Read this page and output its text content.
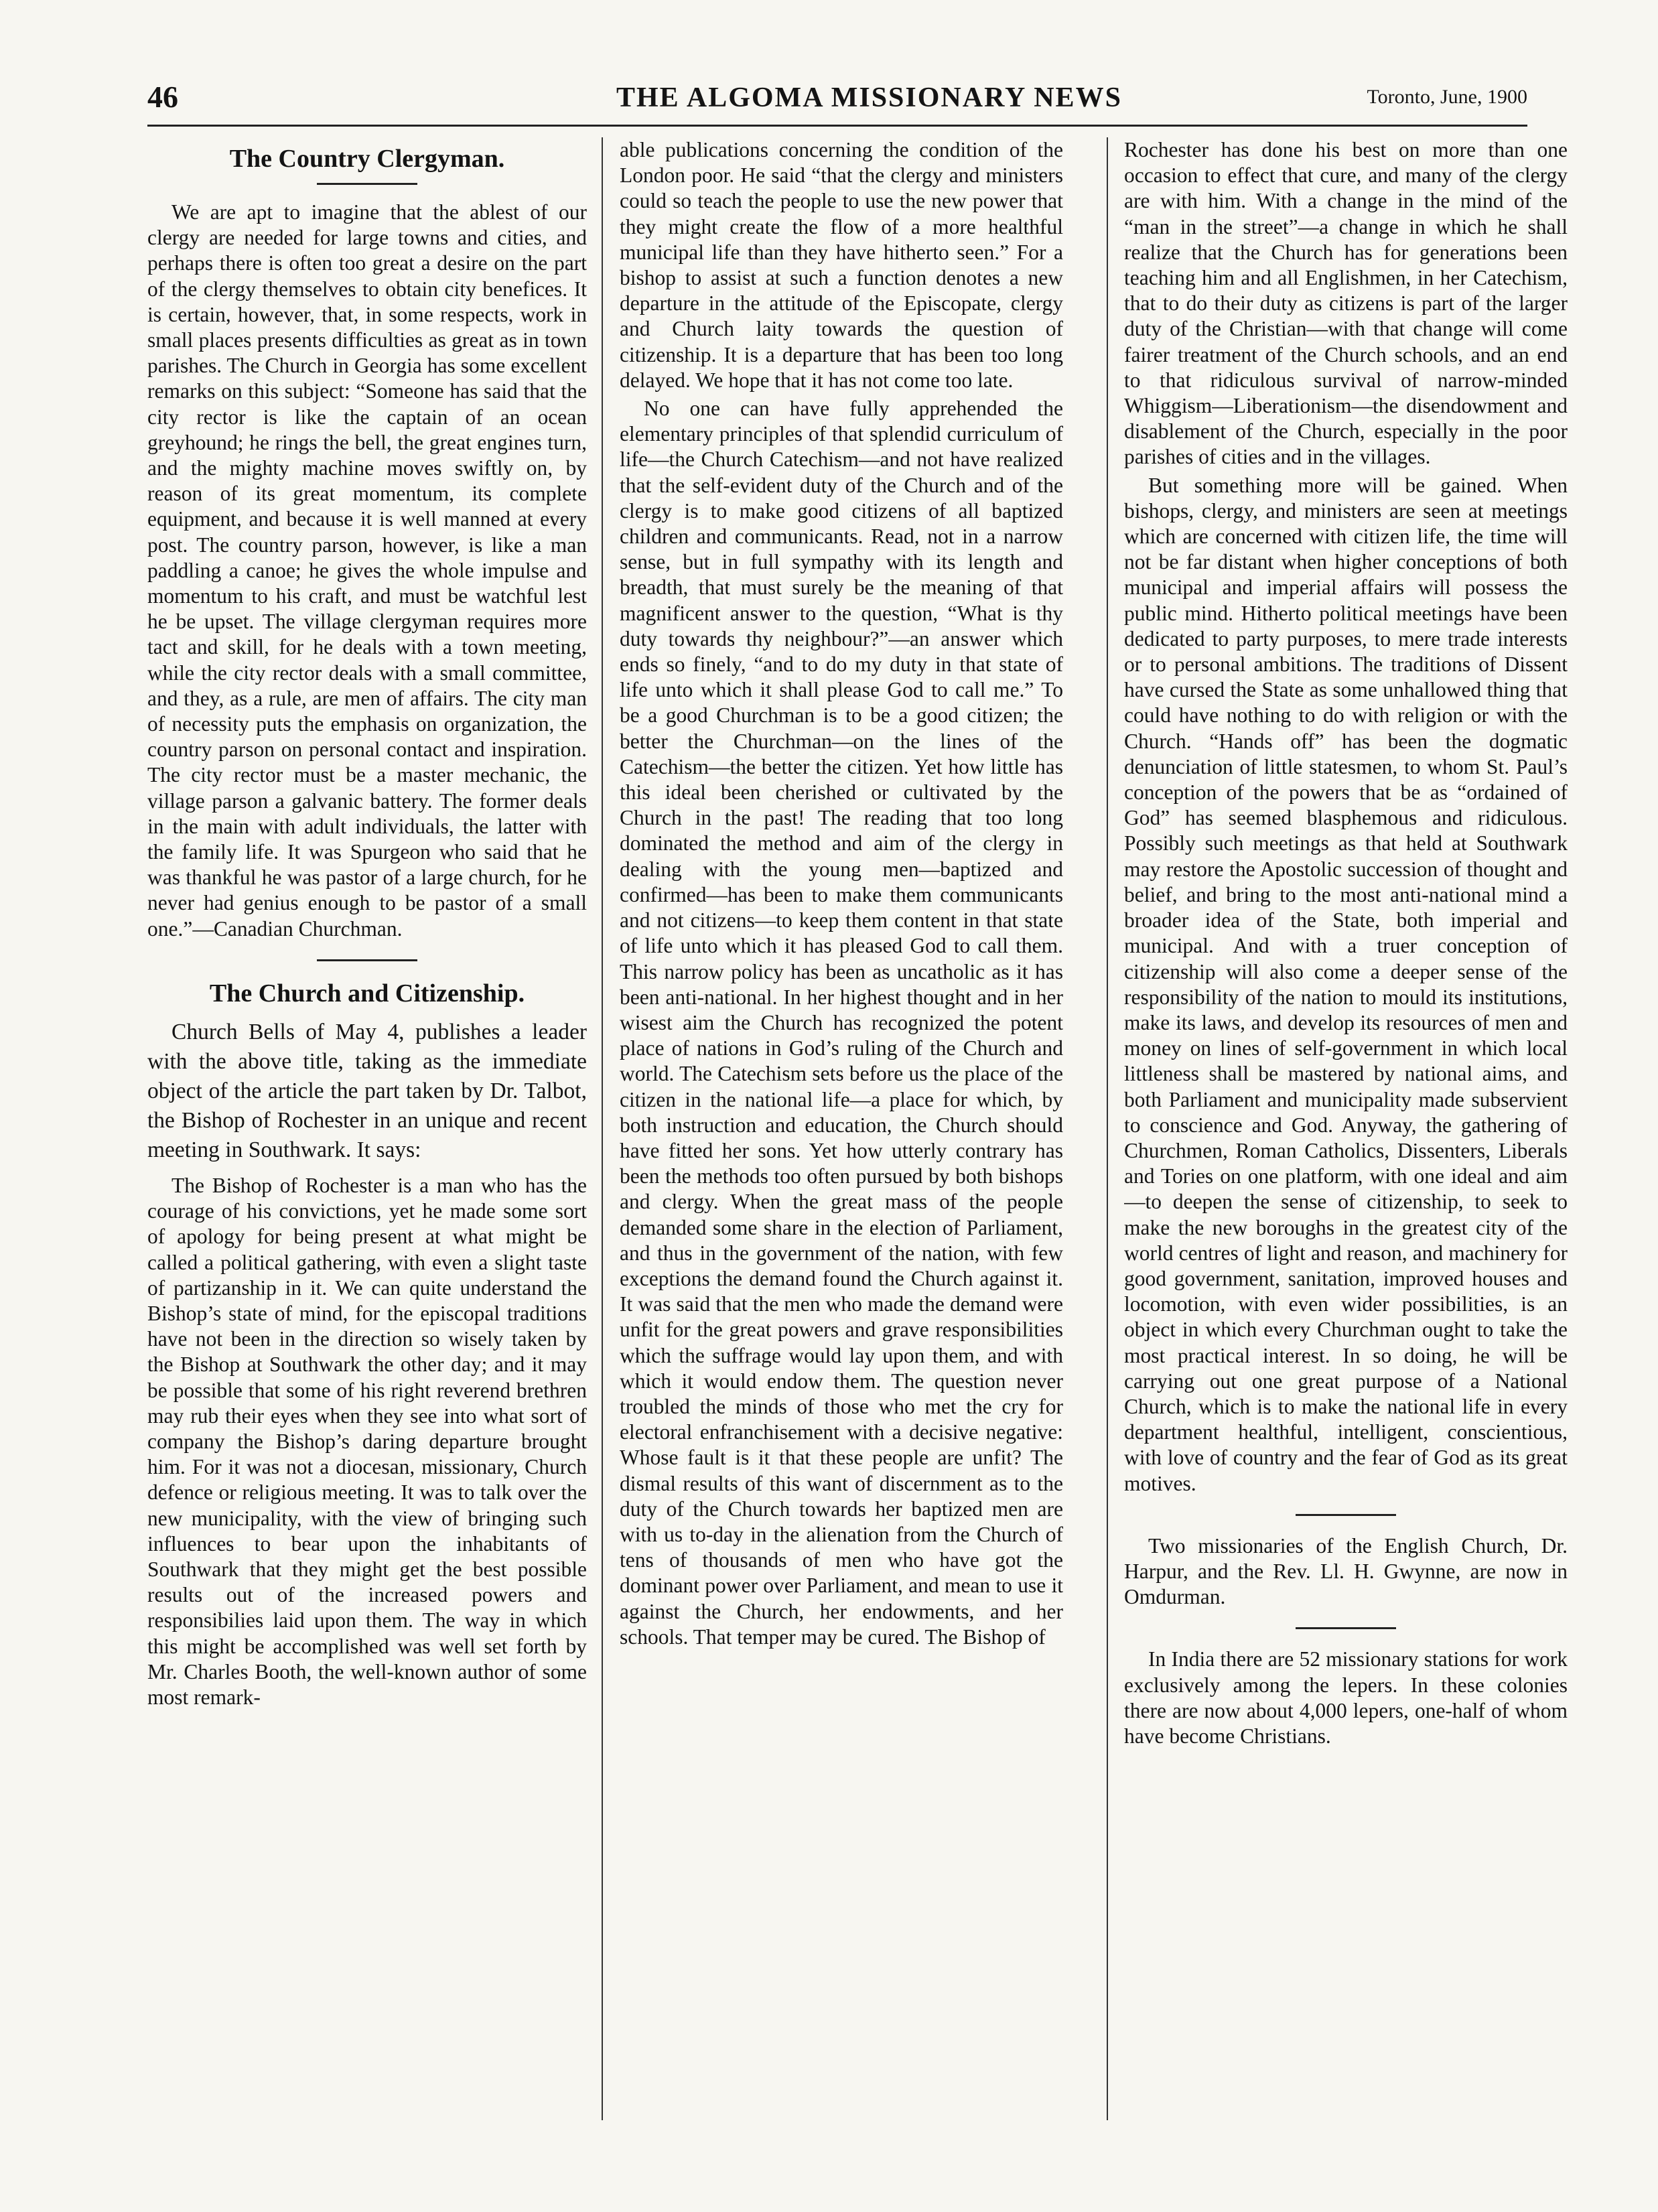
46	THE ALGOMA MISSIONARY NEWS	Toronto, June, 1900
The Country Clergyman.

We are apt to imagine that the ablest of our clergy are needed for large towns and cities, and perhaps there is often too great a desire on the part of the clergy themselves to obtain city benefices. It is certain, however, that, in some respects, work in small places presents difficulties as great as in town parishes. The Church in Georgia has some excellent remarks on this subject: “Someone has said that the city rector is like the captain of an ocean greyhound; he rings the bell, the great engines turn, and the mighty machine moves swiftly on, by reason of its great momentum, its complete equipment, and because it is well manned at every post. The country parson, however, is like a man paddling a canoe; he gives the whole impulse and momentum to his craft, and must be watchful lest he be upset. The village clergyman requires more tact and skill, for he deals with a town meeting, while the city rector deals with a small committee, and they, as a rule, are men of affairs. The city man of necessity puts the emphasis on organization, the country parson on personal contact and inspiration. The city rector must be a master mechanic, the village parson a galvanic battery. The former deals in the main with adult individuals, the latter with the family life. It was Spurgeon who said that he was thankful he was pastor of a large church, for he never had genius enough to be pastor of a small one.”—Canadian Churchman.

The Church and Citizenship.

Church Bells of May 4, publishes a leader with the above title, taking as the immediate object of the article the part taken by Dr. Talbot, the Bishop of Rochester in an unique and recent meeting in Southwark. It says:

The Bishop of Rochester is a man who has the courage of his convictions, yet he made some sort of apology for being present at what might be called a political gathering, with even a slight taste of partizanship in it. We can quite understand the Bishop’s state of mind, for the episcopal traditions have not been in the direction so wisely taken by the Bishop at Southwark the other day; and it may be possible that some of his right reverend brethren may rub their eyes when they see into what sort of company the Bishop’s daring departure brought him. For it was not a diocesan, missionary, Church defence or religious meeting. It was to talk over the new municipality, with the view of bringing such influences to bear upon the inhabitants of Southwark that they might get the best possible results out of the increased powers and responsibilies laid upon them. The way in which this might be accomplished was well set forth by Mr. Charles Booth, the well-known author of some most remark-

able publications concerning the condition of the London poor. He said “that the clergy and ministers could so teach the people to use the new power that they might create the flow of a more healthful municipal life than they have hitherto seen.” For a bishop to assist at such a function denotes a new departure in the attitude of the Episcopate, clergy and Church laity towards the question of citizenship. It is a departure that has been too long delayed. We hope that it has not come too late.

No one can have fully apprehended the elementary principles of that splendid curriculum of life—the Church Catechism—and not have realized that the self-evident duty of the Church and of the clergy is to make good citizens of all baptized children and communicants. Read, not in a narrow sense, but in full sympathy with its length and breadth, that must surely be the meaning of that magnificent answer to the question, “What is thy duty towards thy neighbour?”—an answer which ends so finely, “and to do my duty in that state of life unto which it shall please God to call me.” To be a good Churchman is to be a good citizen; the better the Churchman—on the lines of the Catechism—the better the citizen. Yet how little has this ideal been cherished or cultivated by the Church in the past! The reading that too long dominated the method and aim of the clergy in dealing with the young men—baptized and confirmed—has been to make them communicants and not citizens—to keep them content in that state of life unto which it has pleased God to call them. This narrow policy has been as uncatholic as it has been anti-national. In her highest thought and in her wisest aim the Church has recognized the potent place of nations in God’s ruling of the Church and world. The Catechism sets before us the place of the citizen in the national life—a place for which, by both instruction and education, the Church should have fitted her sons. Yet how utterly contrary has been the methods too often pursued by both bishops and clergy. When the great mass of the people demanded some share in the election of Parliament, and thus in the government of the nation, with few exceptions the demand found the Church against it. It was said that the men who made the demand were unfit for the great powers and grave responsibilities which the suffrage would lay upon them, and with which it would endow them. The question never troubled the minds of those who met the cry for electoral enfranchisement with a decisive negative: Whose fault is it that these people are unfit? The dismal results of this want of discernment as to the duty of the Church towards her baptized men are with us to-day in the alienation from the Church of tens of thousands of men who have got the dominant power over Parliament, and mean to use it against the Church, her endowments, and her schools. That temper may be cured. The Bishop of

Rochester has done his best on more than one occasion to effect that cure, and many of the clergy are with him. With a change in the mind of the “man in the street”—a change in which he shall realize that the Church has for generations been teaching him and all Englishmen, in her Catechism, that to do their duty as citizens is part of the larger duty of the Christian—with that change will come fairer treatment of the Church schools, and an end to that ridiculous survival of narrow-minded Whiggism—Liberationism—the disendowment and disablement of the Church, especially in the poor parishes of cities and in the villages.

But something more will be gained. When bishops, clergy, and ministers are seen at meetings which are concerned with citizen life, the time will not be far distant when higher conceptions of both municipal and imperial affairs will possess the public mind. Hitherto political meetings have been dedicated to party purposes, to mere trade interests or to personal ambitions. The traditions of Dissent have cursed the State as some unhallowed thing that could have nothing to do with religion or with the Church. “Hands off” has been the dogmatic denunciation of little statesmen, to whom St. Paul’s conception of the powers that be as “ordained of God” has seemed blasphemous and ridiculous. Possibly such meetings as that held at Southwark may restore the Apostolic succession of thought and belief, and bring to the most anti-national mind a broader idea of the State, both imperial and municipal. And with a truer conception of citizenship will also come a deeper sense of the responsibility of the nation to mould its institutions, make its laws, and develop its resources of men and money on lines of self-government in which local littleness shall be mastered by national aims, and both Parliament and municipality made subservient to conscience and God. Anyway, the gathering of Churchmen, Roman Catholics, Dissenters, Liberals and Tories on one platform, with one ideal and aim—to deepen the sense of citizenship, to seek to make the new boroughs in the greatest city of the world centres of light and reason, and machinery for good government, sanitation, improved houses and locomotion, with even wider possibilities, is an object in which every Churchman ought to take the most practical interest. In so doing, he will be carrying out one great purpose of a National Church, which is to make the national life in every department healthful, intelligent, conscientious, with love of country and the fear of God as its great motives.

Two missionaries of the English Church, Dr. Harpur, and the Rev. Ll. H. Gwynne, are now in Omdurman.

In India there are 52 missionary stations for work exclusively among the lepers. In these colonies there are now about 4,000 lepers, one-half of whom have become Christians.
